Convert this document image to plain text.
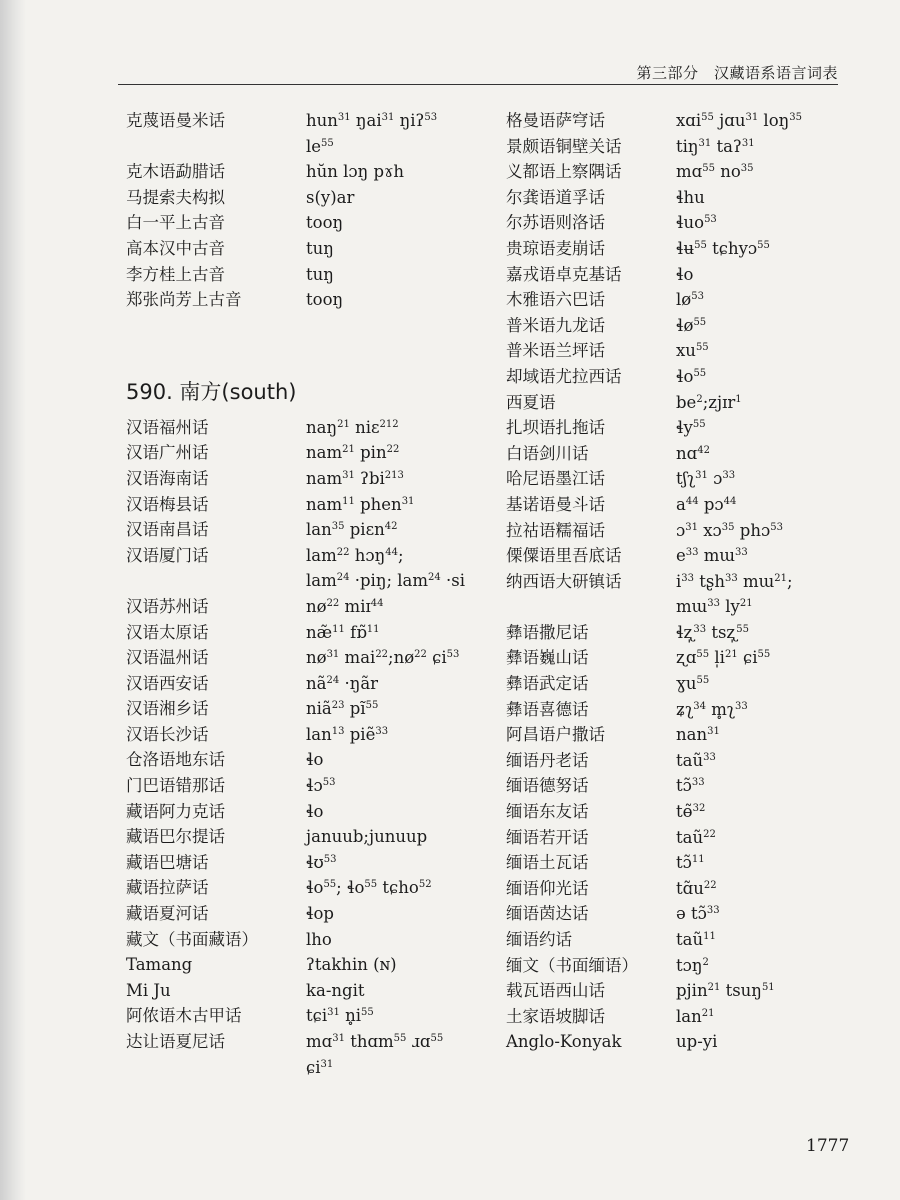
第三部分　汉藏语系语言词表
克蔑语曼米话	hun$^{31}$ ŋai$^{31}$ ŋiʔ$^{53}$
$le^{55}$
克木语勐腊话	hŭn lɔŋ pɤh
马提索夫构拟	s(y)ar
白一平上古音	tooŋ
高本汉中古音	tuŋ
李方桂上古音	tuŋ
郑张尚芳上古音	tooŋ
590. 南方(south)
汉语福州话	naŋ$^{21}$ niɛ$^{212}$
汉语广州话	nam$^{21}$ pin$^{22}$
汉语海南话	nam$^{31}$ ʔbi$^{213}$
汉语梅县话	nam$^{11}$ phen$^{31}$
汉语南昌话	lan$^{35}$ piɛn$^{42}$
汉语厦门话	lam$^{22}$ hɔŋ$^{44}$;
lam$^{24}$ ·piŋ; lam$^{24}$ ·si
汉语苏州话	$nø^{22}$ miɪ$^{44}$
汉语太原话	næ̃$^{11}$ fɒ̃$^{11}$
汉语温州话	$nø^{31}$ $mai^{22};nø^{22}$ ɕi$^{53}$
汉语西安话	$nã^{24}$ ·ŋãr
汉语湘乡话	niã$^{23}$ $pĩ^{55}$
汉语长沙话	lan$^{13}$ piẽ$^{33}$
仓洛语地东话	ɬo
门巴语错那话	ɬɔ$^{53}$
藏语阿力克话	ɬo
藏语巴尔提话	januub;junuup
藏语巴塘话	ɬʊ$^{53}$
藏语拉萨话	ɬo$^{55}$; ɬo$^{55}$ tɕho$^{52}$
藏语夏河话	ɬop
藏文（书面藏语）	lho
Tamang	ʔtakhin (ɴ)
Mi Ju	ka-ngit
阿侬语木古甲话	tɕi$^{31}$ $n̥i^{55}$
达让语夏尼话	mɑ$^{31}$ thɑm$^{55}$ ɹɑ$^{55}$
ɕi$^{31}$
格曼语萨穹话	xɑi$^{55}$ jɑu$^{31}$ loŋ$^{35}$
景颇语铜壁关话	tiŋ$^{31}$ taʔ$^{31}$
义都语上察隅话	mɑ$^{55}$ $no^{35}$
尔龚语道孚话	ɬhu
尔苏语则洛话	ɬuo$^{53}$
贵琼语麦崩话	ɬʉ$^{55}$ tɕhyɔ$^{55}$
嘉戎语卓克基话	ɬo
木雅语六巴话	$lø^{53}$
普米语九龙话	ɬø$^{55}$
普米语兰坪话	$xu^{55}$
却域语尤拉西话	ɬo$^{55}$
西夏语	$be^2;zjɪr^1$
扎坝语扎拖话	ɬy$^{55}$
白语剑川话	nɑ$^{42}$
哈尼语墨江话	tʃʅ$^{31}$ ɔ$^{33}$
基诺语曼斗话	$a^{44}$ pɔ$^{44}$
拉祜语糯福话	ɔ$^{31}$ xɔ$^{35}$ phɔ$^{53}$
傈僳语里吾底话	$e^{33}$ mɯ$^{33}$
纳西语大研镇话	$i^{33}$ tʂh$^{33}$ mɯ$^{21}$;
mɯ$^{33}$ $ly^{21}$
彝语撒尼话	ɬʐ̩$^{33}$ tsʐ̩$^{55}$
彝语巍山话	ʐɑ$^{55}$ $l̩i^{21}$ ɕi$^{55}$
彝语武定话	ɣu$^{55}$
彝语喜德话	ʑʅ$^{34}$ m̥ʅ$^{33}$
阿昌语户撒话	nan$^{31}$
缅语丹老话	taũ$^{33}$
缅语德努话	tɔ̃$^{33}$
缅语东友话	tɵ̃$^{32}$
缅语若开话	taũ$^{22}$
缅语土瓦话	tɔ̃$^{11}$
缅语仰光话	$tɑ̃u^{22}$
缅语茵达话	ə tɔ̃$^{33}$
缅语约话	taũ$^{11}$
缅文（书面缅语）	tɔŋ$^2$
载瓦语西山话	pjin$^{21}$ tsuŋ$^{51}$
土家语坡脚话	lan$^{21}$
Anglo-Konyak	up-yi
1777
